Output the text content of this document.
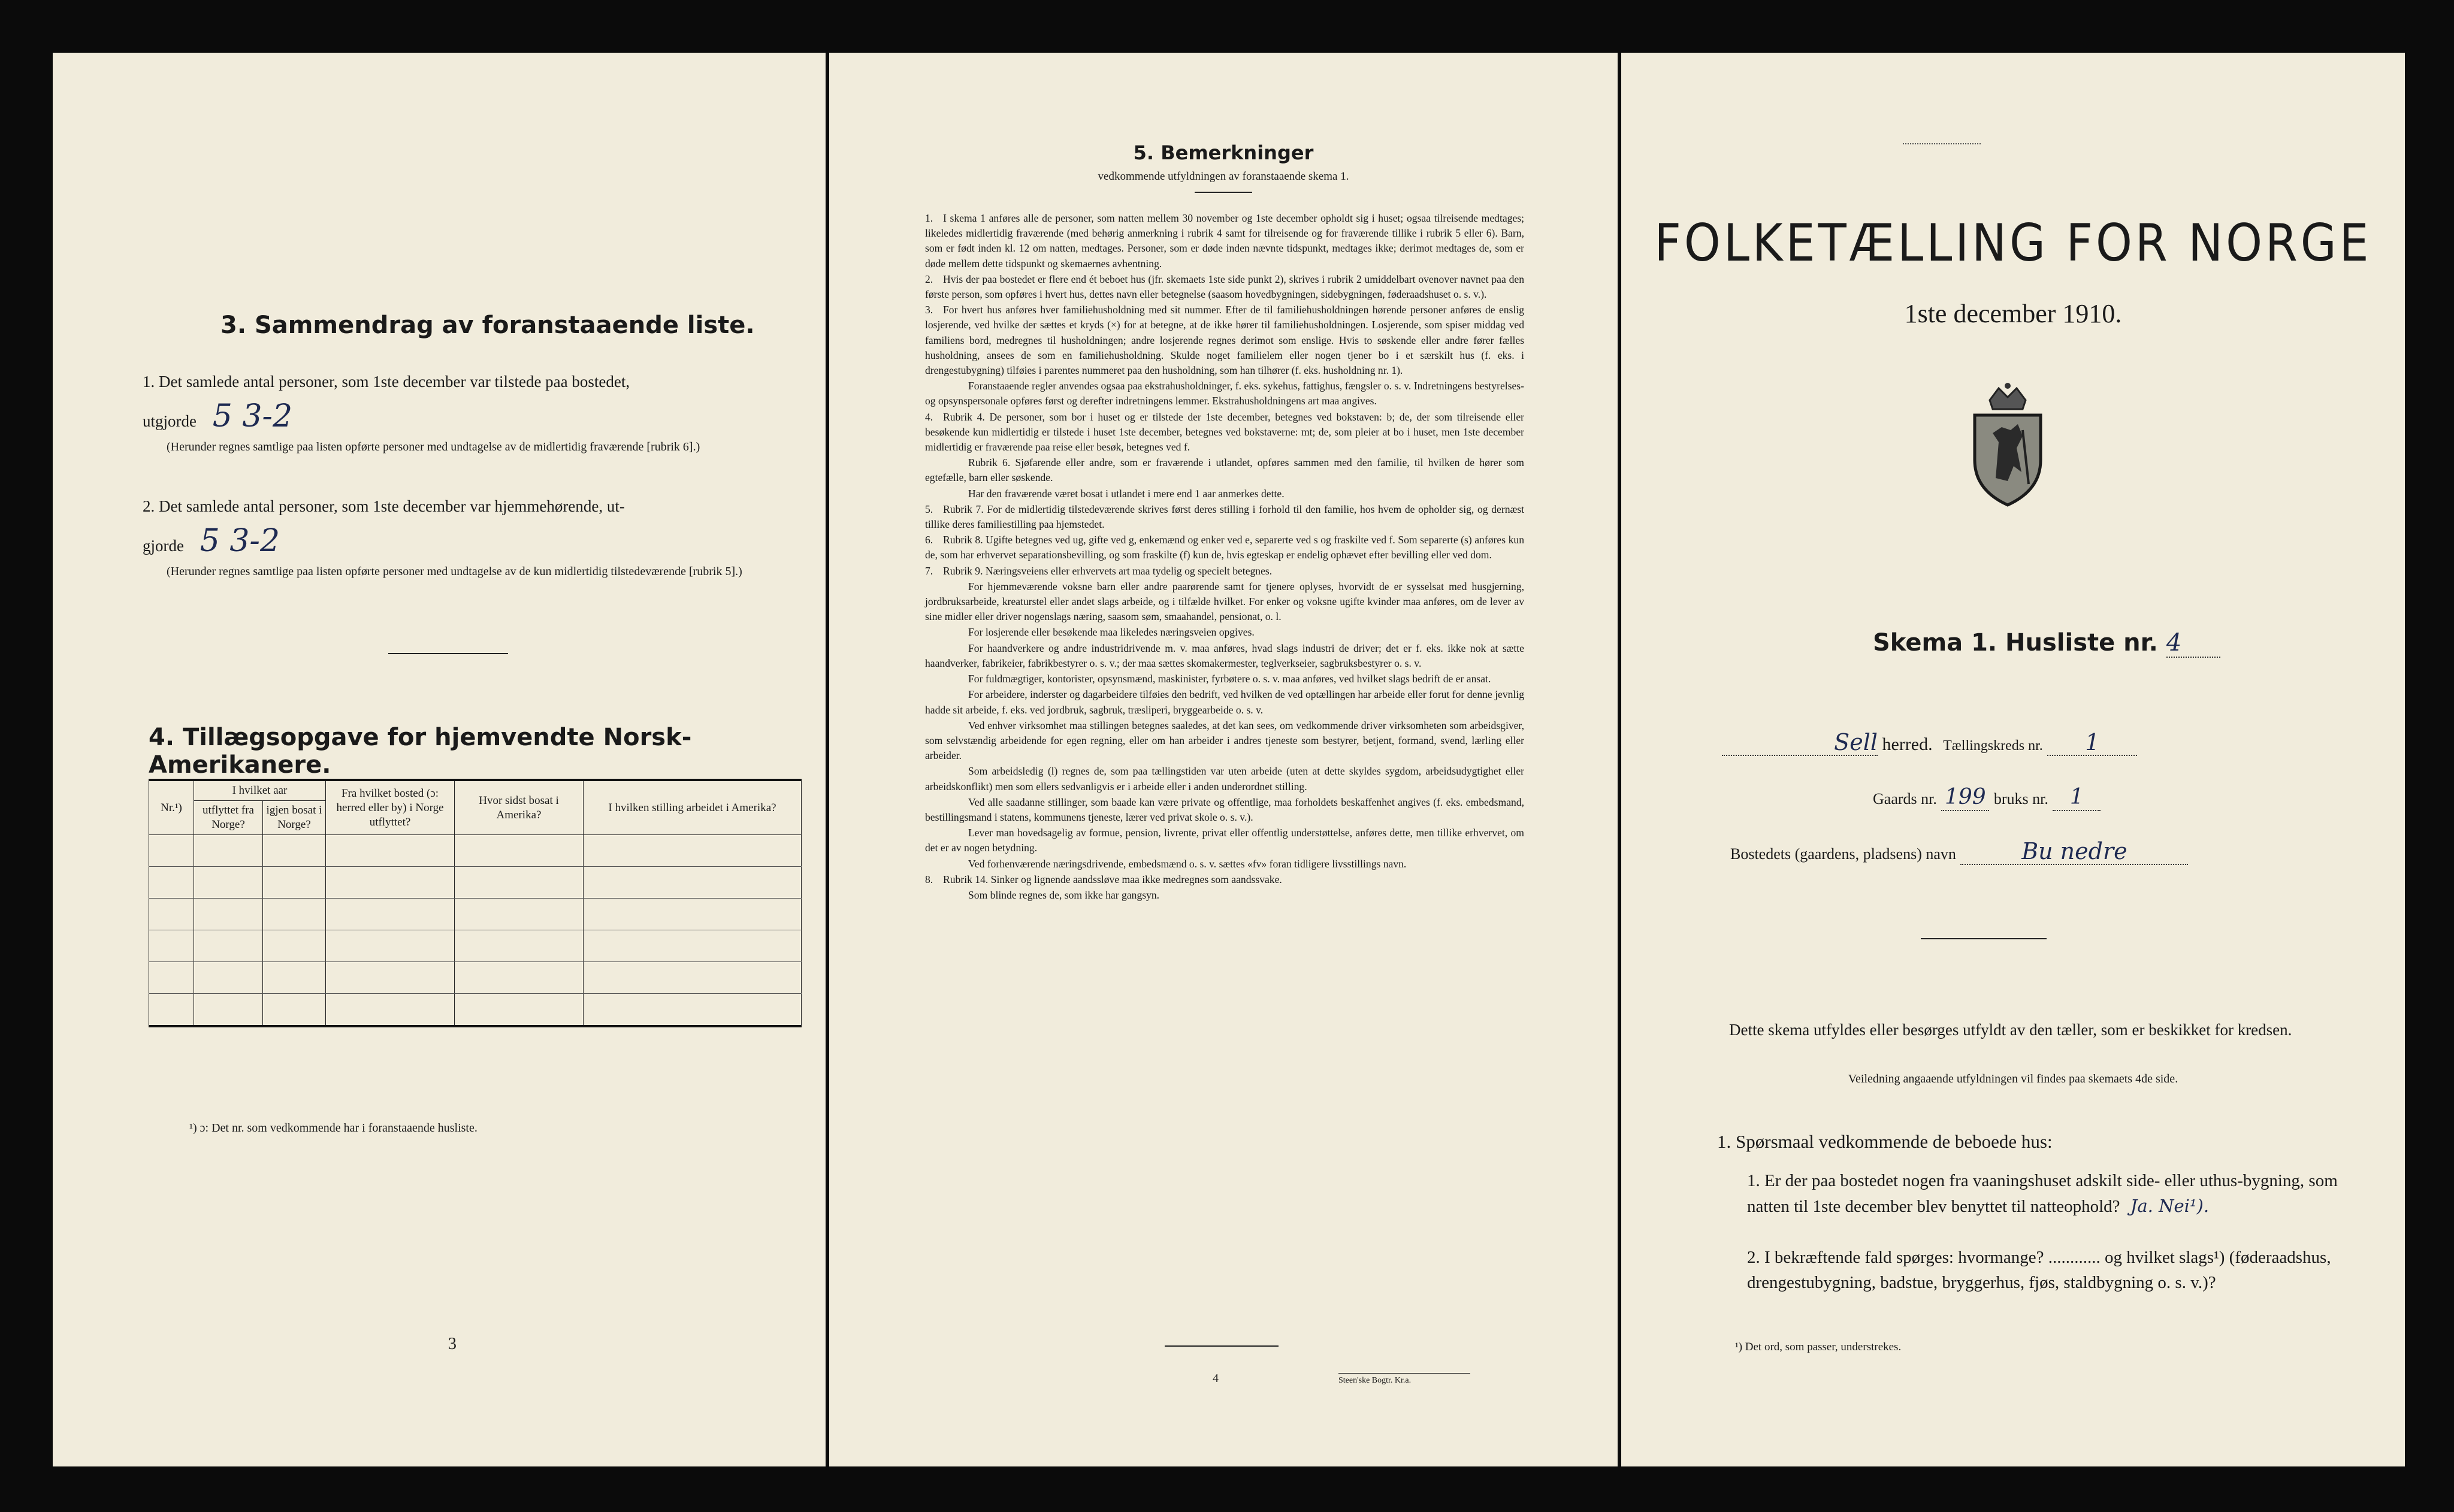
3. Sammendrag av foranstaaende liste.
1. Det samlede antal personer, som 1ste december var tilstede paa bostedet,
utgjorde 5 3-2
(Herunder regnes samtlige paa listen opførte personer med undtagelse av de midlertidig fraværende [rubrik 6].)
2. Det samlede antal personer, som 1ste december var hjemmehørende, ut-
gjorde 5 3-2
(Herunder regnes samtlige paa listen opførte personer med undtagelse av de kun midlertidig tilstedeværende [rubrik 5].)
4. Tillægsopgave for hjemvendte Norsk-Amerikanere.
Nr.¹)	I hvilket aar		Fra hvilket bosted (ɔ: herred eller by) i Norge utflyttet?	Hvor sidst bosat i Amerika?	I hvilken stilling arbeidet i Amerika?
	utflyttet fra Norge?	igjen bosat i Norge?			

¹) ɔ: Det nr. som vedkommende har i foranstaaende husliste.
3
5. Bemerkninger
vedkommende utfyldningen av foranstaaende skema 1.

1. I skema 1 anføres alle de personer, som natten mellem 30 november og 1ste december opholdt sig i huset; ogsaa tilreisende medtages; likeledes midlertidig fraværende (med behørig anmerkning i rubrik 4 samt for tilreisende og for fraværende tillike i rubrik 5 eller 6). Barn, som er født inden kl. 12 om natten, medtages. Personer, som er døde inden nævnte tidspunkt, medtages ikke; derimot medtages de, som er døde mellem dette tidspunkt og skemaernes avhentning.

2. Hvis der paa bostedet er flere end ét beboet hus (jfr. skemaets 1ste side punkt 2), skrives i rubrik 2 umiddelbart ovenover navnet paa den første person, som opføres i hvert hus, dettes navn eller betegnelse (saasom hovedbygningen, sidebygningen, føderaadshuset o. s. v.).

3. For hvert hus anføres hver familiehusholdning med sit nummer. Efter de til familiehusholdningen hørende personer anføres de enslig losjerende, ved hvilke der sættes et kryds (×) for at betegne, at de ikke hører til familiehusholdningen. Losjerende, som spiser middag ved familiens bord, medregnes til husholdningen; andre losjerende regnes derimot som enslige. Hvis to søskende eller andre fører fælles husholdning, ansees de som en familiehusholdning. Skulde noget familielem eller nogen tjener bo i et særskilt hus (f. eks. i drengestubygning) tilføies i parentes nummeret paa den husholdning, som han tilhører (f. eks. husholdning nr. 1).

Foranstaaende regler anvendes ogsaa paa ekstrahusholdninger, f. eks. sykehus, fattighus, fængsler o. s. v. Indretningens bestyrelses- og opsynspersonale opføres først og derefter indretningens lemmer. Ekstrahusholdningens art maa angives.

4. Rubrik 4. De personer, som bor i huset og er tilstede der 1ste december, betegnes ved bokstaven: b; de, der som tilreisende eller besøkende kun midlertidig er tilstede i huset 1ste december, betegnes ved bokstaverne: mt; de, som pleier at bo i huset, men 1ste december midlertidig er fraværende paa reise eller besøk, betegnes ved f.

Rubrik 6. Sjøfarende eller andre, som er fraværende i utlandet, opføres sammen med den familie, til hvilken de hører som egtefælle, barn eller søskende.

Har den fraværende været bosat i utlandet i mere end 1 aar anmerkes dette.

5. Rubrik 7. For de midlertidig tilstedeværende skrives først deres stilling i forhold til den familie, hos hvem de opholder sig, og dernæst tillike deres familiestilling paa hjemstedet.

6. Rubrik 8. Ugifte betegnes ved ug, gifte ved g, enkemænd og enker ved e, separerte ved s og fraskilte ved f. Som separerte (s) anføres kun de, som har erhvervet separationsbevilling, og som fraskilte (f) kun de, hvis egteskap er endelig ophævet efter bevilling eller ved dom.

7. Rubrik 9. Næringsveiens eller erhvervets art maa tydelig og specielt betegnes.

For hjemmeværende voksne barn eller andre paarørende samt for tjenere oplyses, hvorvidt de er sysselsat med husgjerning, jordbruksarbeide, kreaturstel eller andet slags arbeide, og i tilfælde hvilket. For enker og voksne ugifte kvinder maa anføres, om de lever av sine midler eller driver nogenslags næring, saasom søm, smaahandel, pensionat, o. l.

For losjerende eller besøkende maa likeledes næringsveien opgives.

For haandverkere og andre industridrivende m. v. maa anføres, hvad slags industri de driver; det er f. eks. ikke nok at sætte haandverker, fabrikeier, fabrikbestyrer o. s. v.; der maa sættes skomakermester, teglverkseier, sagbruksbestyrer o. s. v.

For fuldmægtiger, kontorister, opsynsmænd, maskinister, fyrbøtere o. s. v. maa anføres, ved hvilket slags bedrift de er ansat.

For arbeidere, inderster og dagarbeidere tilføies den bedrift, ved hvilken de ved optællingen har arbeide eller forut for denne jevnlig hadde sit arbeide, f. eks. ved jordbruk, sagbruk, træsliperi, bryggearbeide o. s. v.

Ved enhver virksomhet maa stillingen betegnes saaledes, at det kan sees, om vedkommende driver virksomheten som arbeidsgiver, som selvstændig arbeidende for egen regning, eller om han arbeider i andres tjeneste som bestyrer, betjent, formand, svend, lærling eller arbeider.

Som arbeidsledig (l) regnes de, som paa tællingstiden var uten arbeide (uten at dette skyldes sygdom, arbeidsudygtighet eller arbeidskonflikt) men som ellers sedvanligvis er i arbeide eller i anden underordnet stilling.

Ved alle saadanne stillinger, som baade kan være private og offentlige, maa forholdets beskaffenhet angives (f. eks. embedsmand, bestillingsmand i statens, kommunens tjeneste, lærer ved privat skole o. s. v.).

Lever man hovedsagelig av formue, pension, livrente, privat eller offentlig understøttelse, anføres dette, men tillike erhvervet, om det er av nogen betydning.

Ved forhenværende næringsdrivende, embedsmænd o. s. v. sættes «fv» foran tidligere livsstillings navn.

8. Rubrik 14. Sinker og lignende aandssløve maa ikke medregnes som aandssvake.

Som blinde regnes de, som ikke har gangsyn.

4	Steen'ske Bogtr. Kr.a.
FOLKETÆLLING FOR NORGE
1ste december 1910.
Skema 1. Husliste nr. 4
Sell herred. Tællingskreds nr. 1
Gaards nr. 199 bruks nr. 1
Bostedets (gaardens, pladsens) navn	Bu nedre
Dette skema utfyldes eller besørges utfyldt av den tæller, som er beskikket for kredsen.
Veiledning angaaende utfyldningen vil findes paa skemaets 4de side.
1. Spørsmaal vedkommende de beboede hus:
1. Er der paa bostedet nogen fra vaaningshuset adskilt side- eller uthus-bygning, som natten til 1ste december blev benyttet til natteophold? Ja. Nei¹).
2. I bekræftende fald spørges: hvormange? ............ og hvilket slags¹) (føderaadshus, drengestubygning, badstue, bryggerhus, fjøs, staldbygning o. s. v.)?
¹) Det ord, som passer, understrekes.
